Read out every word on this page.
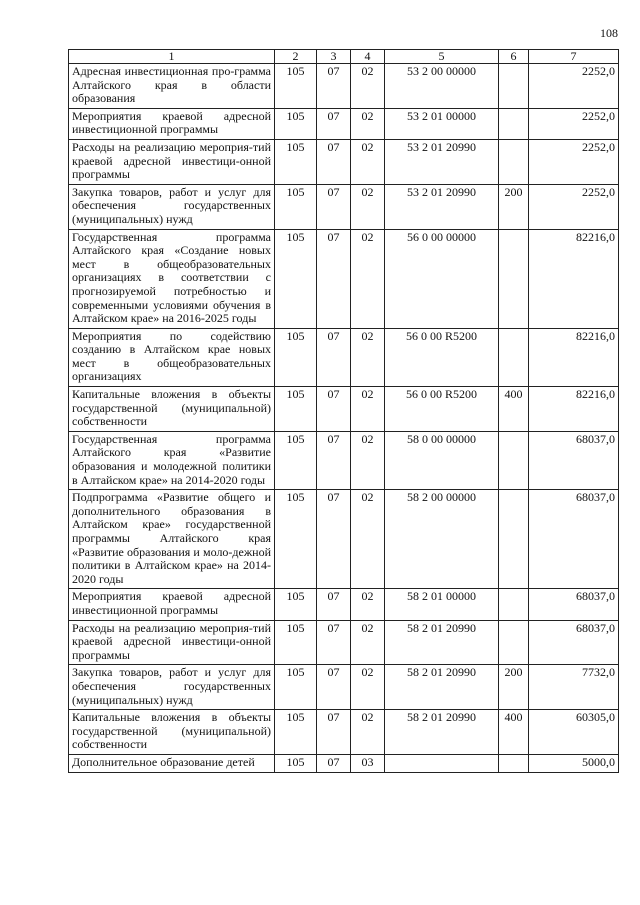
108
1	2	3	4	5	6	7
Адресная инвестиционная про-грамма Алтайского края в области образования	105	07	02	53 2 00 00000		2252,0
Мероприятия краевой адресной инвестиционной программы	105	07	02	53 2 01 00000		2252,0
Расходы на реализацию мероприя-тий краевой адресной инвестици-онной программы	105	07	02	53 2 01 20990		2252,0
Закупка товаров, работ и услуг для обеспечения государственных (муниципальных) нужд	105	07	02	53 2 01 20990	200	2252,0
Государственная программа Алтайского края «Создание новых мест в общеобразовательных организациях в соответствии с прогнозируемой потребностью и современными условиями обучения в Алтайском крае» на 2016-2025 годы	105	07	02	56 0 00 00000		82216,0
Мероприятия по содействию созданию в Алтайском крае новых мест в общеобразовательных организациях	105	07	02	56 0 00 R5200		82216,0
Капитальные вложения в объекты государственной (муниципальной) собственности	105	07	02	56 0 00 R5200	400	82216,0
Государственная программа Алтайского края «Развитие образования и молодежной политики в Алтайском крае» на 2014-2020 годы	105	07	02	58 0 00 00000		68037,0
Подпрограмма «Развитие общего и дополнительного образования в Алтайском крае» государственной программы Алтайского края «Развитие образования и моло-дежной политики в Алтайском крае» на 2014-2020 годы	105	07	02	58 2 00 00000		68037,0
Мероприятия краевой адресной инвестиционной программы	105	07	02	58 2 01 00000		68037,0
Расходы на реализацию мероприя-тий краевой адресной инвестици-онной программы	105	07	02	58 2 01 20990		68037,0
Закупка товаров, работ и услуг для обеспечения государственных (муниципальных) нужд	105	07	02	58 2 01 20990	200	7732,0
Капитальные вложения в объекты государственной (муниципальной) собственности	105	07	02	58 2 01 20990	400	60305,0
Дополнительное образование детей	105	07	03			5000,0
